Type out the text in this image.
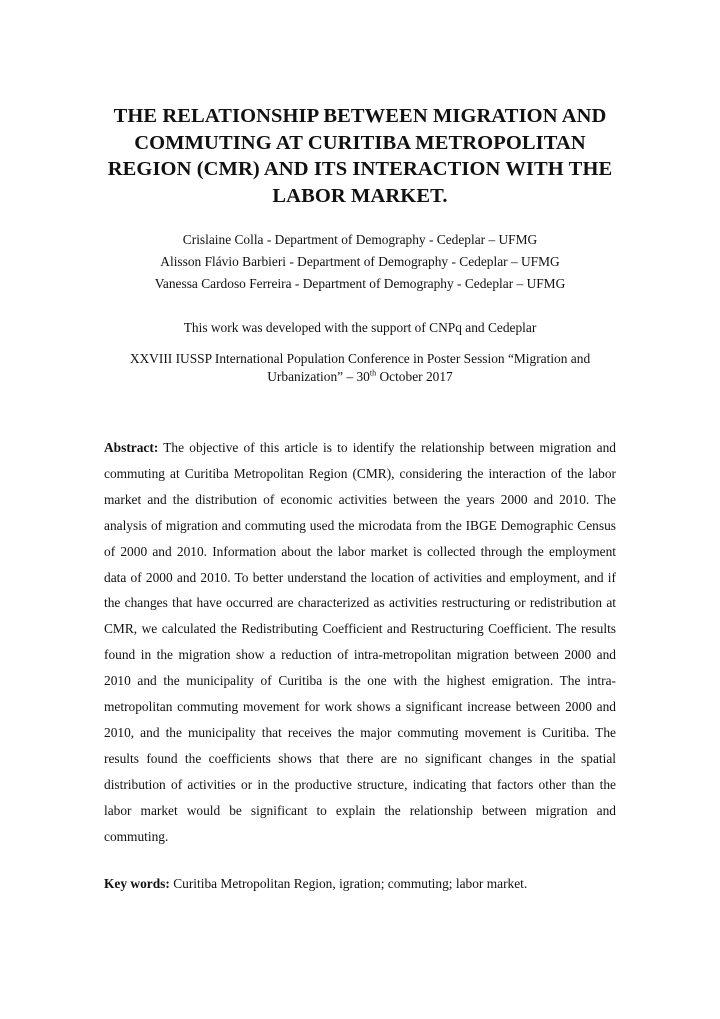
THE RELATIONSHIP BETWEEN MIGRATION AND COMMUTING AT CURITIBA METROPOLITAN REGION (CMR) AND ITS INTERACTION WITH THE LABOR MARKET.

Crislaine Colla - Department of Demography - Cedeplar – UFMG

Alisson Flávio Barbieri - Department of Demography - Cedeplar – UFMG

Vanessa Cardoso Ferreira - Department of Demography - Cedeplar – UFMG

This work was developed with the support of CNPq and Cedeplar
XXVIII IUSSP International Population Conference in Poster Session “Migration and Urbanization” – 30th October 2017

Abstract: The objective of this article is to identify the relationship between migration and commuting at Curitiba Metropolitan Region (CMR), considering the interaction of the labor market and the distribution of economic activities between the years 2000 and 2010. The analysis of migration and commuting used the microdata from the IBGE Demographic Census of 2000 and 2010. Information about the labor market is collected through the employment data of 2000 and 2010. To better understand the location of activities and employment, and if the changes that have occurred are characterized as activities restructuring or redistribution at CMR, we calculated the Redistributing Coefficient and Restructuring Coefficient. The results found in the migration show a reduction of intra-metropolitan migration between 2000 and 2010 and the municipality of Curitiba is the one with the highest emigration. The intra-metropolitan commuting movement for work shows a significant increase between 2000 and 2010, and the municipality that receives the major commuting movement is Curitiba. The results found the coefficients shows that there are no significant changes in the spatial distribution of activities or in the productive structure, indicating that factors other than the labor market would be significant to explain the relationship between migration and commuting.

Key words: Curitiba Metropolitan Region, igration; commuting; labor market.
